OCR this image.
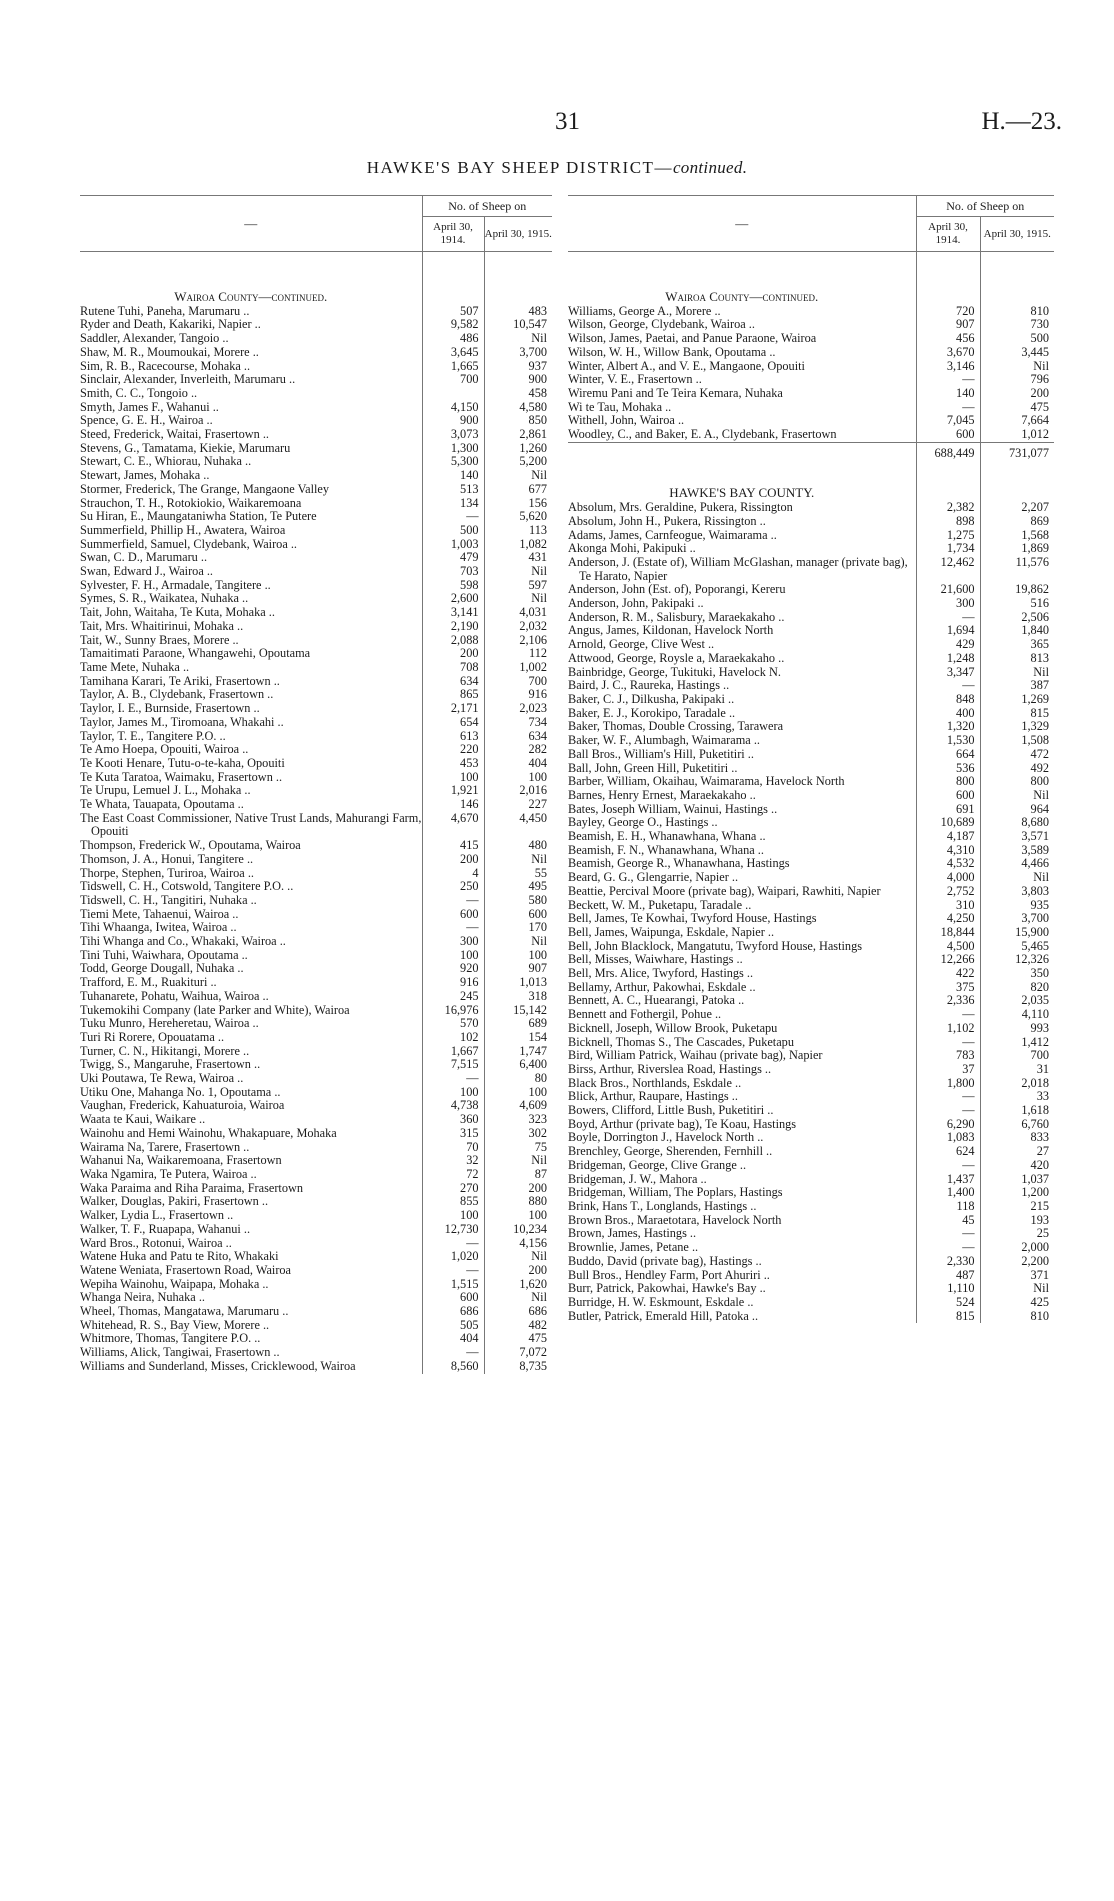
31	H.—23.
HAWKE'S BAY SHEEP DISTRICT—continued.
—	No. of Sheep on	
	April 30, 1914.	April 30, 1915.

Wairoa County—continued.		
Rutene Tuhi, Paneha, Marumaru ..	507	483
Ryder and Death, Kakariki, Napier ..	9,582	10,547
Saddler, Alexander, Tangoio ..	486	Nil
Shaw, M. R., Moumoukai, Morere ..	3,645	3,700
Sim, R. B., Racecourse, Mohaka ..	1,665	937
Sinclair, Alexander, Inverleith, Marumaru ..	700	900
Smith, C. C., Tongoio ..		458
Smyth, James F., Wahanui ..	4,150	4,580
Spence, G. E. H., Wairoa ..	900	850
Steed, Frederick, Waitai, Frasertown ..	3,073	2,861
Stevens, G., Tamatama, Kiekie, Marumaru	1,300	1,260
Stewart, C. E., Whiorau, Nuhaka ..	5,300	5,200
Stewart, James, Mohaka ..	140	Nil
Stormer, Frederick, The Grange, Mangaone Valley	513	677
Strauchon, T. H., Rotokiokio, Waikaremoana	134	156
Su Hiran, E., Maungataniwha Station, Te Putere	—	5,620
Summerfield, Phillip H., Awatera, Wairoa	500	113
Summerfield, Samuel, Clydebank, Wairoa ..	1,003	1,082
Swan, C. D., Marumaru ..	479	431
Swan, Edward J., Wairoa ..	703	Nil
Sylvester, F. H., Armadale, Tangitere ..	598	597
Symes, S. R., Waikatea, Nuhaka ..	2,600	Nil
Tait, John, Waitaha, Te Kuta, Mohaka ..	3,141	4,031
Tait, Mrs. Whaitirinui, Mohaka ..	2,190	2,032
Tait, W., Sunny Braes, Morere ..	2,088	2,106
Tamaitimati Paraone, Whangawehi, Opoutama	200	112
Tame Mete, Nuhaka ..	708	1,002
Tamihana Karari, Te Ariki, Frasertown ..	634	700
Taylor, A. B., Clydebank, Frasertown ..	865	916
Taylor, I. E., Burnside, Frasertown ..	2,171	2,023
Taylor, James M., Tiromoana, Whakahi ..	654	734
Taylor, T. E., Tangitere P.O. ..	613	634
Te Amo Hoepa, Opouiti, Wairoa ..	220	282
Te Kooti Henare, Tutu-o-te-kaha, Opouiti	453	404
Te Kuta Taratoa, Waimaku, Frasertown ..	100	100
Te Urupu, Lemuel J. L., Mohaka ..	1,921	2,016
Te Whata, Tauapata, Opoutama ..	146	227
The East Coast Commissioner, Native Trust Lands, Mahurangi Farm, Opouiti	4,670	4,450
Thompson, Frederick W., Opoutama, Wairoa	415	480
Thomson, J. A., Honui, Tangitere ..	200	Nil
Thorpe, Stephen, Turiroa, Wairoa ..	4	55
Tidswell, C. H., Cotswold, Tangitere P.O. ..	250	495
Tidswell, C. H., Tangitiri, Nuhaka ..	—	580
Tiemi Mete, Tahaenui, Wairoa ..	600	600
Tihi Whaanga, Iwitea, Wairoa ..	—	170
Tihi Whanga and Co., Whakaki, Wairoa ..	300	Nil
Tini Tuhi, Waiwhara, Opoutama ..	100	100
Todd, George Dougall, Nuhaka ..	920	907
Trafford, E. M., Ruakituri ..	916	1,013
Tuhanarete, Pohatu, Waihua, Wairoa ..	245	318
Tukemokihi Company (late Parker and White), Wairoa	16,976	15,142
Tuku Munro, Hereheretau, Wairoa ..	570	689
Turi Ri Rorere, Opouatama ..	102	154
Turner, C. N., Hikitangi, Morere ..	1,667	1,747
Twigg, S., Mangaruhe, Frasertown ..	7,515	6,400
Uki Poutawa, Te Rewa, Wairoa ..	—	80
Utiku One, Mahanga No. 1, Opoutama ..	100	100
Vaughan, Frederick, Kahuaturoia, Wairoa	4,738	4,609
Waata te Kaui, Waikare ..	360	323
Wainohu and Hemi Wainohu, Whakapuare, Mohaka	315	302
Wairama Na, Tarere, Frasertown ..	70	75
Wahanui Na, Waikaremoana, Frasertown	32	Nil
Waka Ngamira, Te Putera, Wairoa ..	72	87
Waka Paraima and Riha Paraima, Frasertown	270	200
Walker, Douglas, Pakiri, Frasertown ..	855	880
Walker, Lydia L., Frasertown ..	100	100
Walker, T. F., Ruapapa, Wahanui ..	12,730	10,234
Ward Bros., Rotonui, Wairoa ..	—	4,156
Watene Huka and Patu te Rito, Whakaki	1,020	Nil
Watene Weniata, Frasertown Road, Wairoa	—	200
Wepiha Wainohu, Waipapa, Mohaka ..	1,515	1,620
Whanga Neira, Nuhaka ..	600	Nil
Wheel, Thomas, Mangatawa, Marumaru ..	686	686
Whitehead, R. S., Bay View, Morere ..	505	482
Whitmore, Thomas, Tangitere P.O. ..	404	475
Williams, Alick, Tangiwai, Frasertown ..	—	7,072
Williams and Sunderland, Misses, Cricklewood, Wairoa	8,560	8,735
—	No. of Sheep on	
	April 30, 1914.	April 30, 1915.

Wairoa County—continued.		
Williams, George A., Morere ..	720	810
Wilson, George, Clydebank, Wairoa ..	907	730
Wilson, James, Paetai, and Panue Paraone, Wairoa	456	500
Wilson, W. H., Willow Bank, Opoutama ..	3,670	3,445
Winter, Albert A., and V. E., Mangaone, Opouiti	3,146	Nil
Winter, V. E., Frasertown ..	—	796
Wiremu Pani and Te Teira Kemara, Nuhaka	140	200
Wi te Tau, Mohaka ..	—	475
Withell, John, Wairoa ..	7,045	7,664
Woodley, C., and Baker, E. A., Clydebank, Frasertown	600	1,012
	688,449	731,077

HAWKE'S BAY COUNTY.		
Absolum, Mrs. Geraldine, Pukera, Rissington	2,382	2,207
Absolum, John H., Pukera, Rissington ..	898	869
Adams, James, Carnfeogue, Waimarama ..	1,275	1,568
Akonga Mohi, Pakipuki ..	1,734	1,869
Anderson, J. (Estate of), William McGlashan, manager (private bag), Te Harato, Napier	12,462	11,576
Anderson, John (Est. of), Poporangi, Kereru	21,600	19,862
Anderson, John, Pakipaki ..	300	516
Anderson, R. M., Salisbury, Maraekakaho ..	—	2,506
Angus, James, Kildonan, Havelock North	1,694	1,840
Arnold, George, Clive West ..	429	365
Attwood, George, Roysle a, Maraekakaho ..	1,248	813
Bainbridge, George, Tukituki, Havelock N.	3,347	Nil
Baird, J. C., Raureka, Hastings ..	—	387
Baker, C. J., Dilkusha, Pakipaki ..	848	1,269
Baker, E. J., Korokipo, Taradale ..	400	815
Baker, Thomas, Double Crossing, Tarawera	1,320	1,329
Baker, W. F., Alumbagh, Waimarama ..	1,530	1,508
Ball Bros., William's Hill, Puketitiri ..	664	472
Ball, John, Green Hill, Puketitiri ..	536	492
Barber, William, Okaihau, Waimarama, Havelock North	800	800
Barnes, Henry Ernest, Maraekakaho ..	600	Nil
Bates, Joseph William, Wainui, Hastings ..	691	964
Bayley, George O., Hastings ..	10,689	8,680
Beamish, E. H., Whanawhana, Whana ..	4,187	3,571
Beamish, F. N., Whanawhana, Whana ..	4,310	3,589
Beamish, George R., Whanawhana, Hastings	4,532	4,466
Beard, G. G., Glengarrie, Napier ..	4,000	Nil
Beattie, Percival Moore (private bag), Waipari, Rawhiti, Napier	2,752	3,803
Beckett, W. M., Puketapu, Taradale ..	310	935
Bell, James, Te Kowhai, Twyford House, Hastings	4,250	3,700
Bell, James, Waipunga, Eskdale, Napier ..	18,844	15,900
Bell, John Blacklock, Mangatutu, Twyford House, Hastings	4,500	5,465
Bell, Misses, Waiwhare, Hastings ..	12,266	12,326
Bell, Mrs. Alice, Twyford, Hastings ..	422	350
Bellamy, Arthur, Pakowhai, Eskdale ..	375	820
Bennett, A. C., Huearangi, Patoka ..	2,336	2,035
Bennett and Fothergil, Pohue ..	—	4,110
Bicknell, Joseph, Willow Brook, Puketapu	1,102	993
Bicknell, Thomas S., The Cascades, Puketapu	—	1,412
Bird, William Patrick, Waihau (private bag), Napier	783	700
Birss, Arthur, Riverslea Road, Hastings ..	37	31
Black Bros., Northlands, Eskdale ..	1,800	2,018
Blick, Arthur, Raupare, Hastings ..	—	33
Bowers, Clifford, Little Bush, Puketitiri ..	—	1,618
Boyd, Arthur (private bag), Te Koau, Hastings	6,290	6,760
Boyle, Dorrington J., Havelock North ..	1,083	833
Brenchley, George, Sherenden, Fernhill ..	624	27
Bridgeman, George, Clive Grange ..	—	420
Bridgeman, J. W., Mahora ..	1,437	1,037
Bridgeman, William, The Poplars, Hastings	1,400	1,200
Brink, Hans T., Longlands, Hastings ..	118	215
Brown Bros., Maraetotara, Havelock North	45	193
Brown, James, Hastings ..	—	25
Brownlie, James, Petane ..	—	2,000
Buddo, David (private bag), Hastings ..	2,330	2,200
Bull Bros., Hendley Farm, Port Ahuriri ..	487	371
Burr, Patrick, Pakowhai, Hawke's Bay ..	1,110	Nil
Burridge, H. W. Eskmount, Eskdale ..	524	425
Butler, Patrick, Emerald Hill, Patoka ..	815	810
